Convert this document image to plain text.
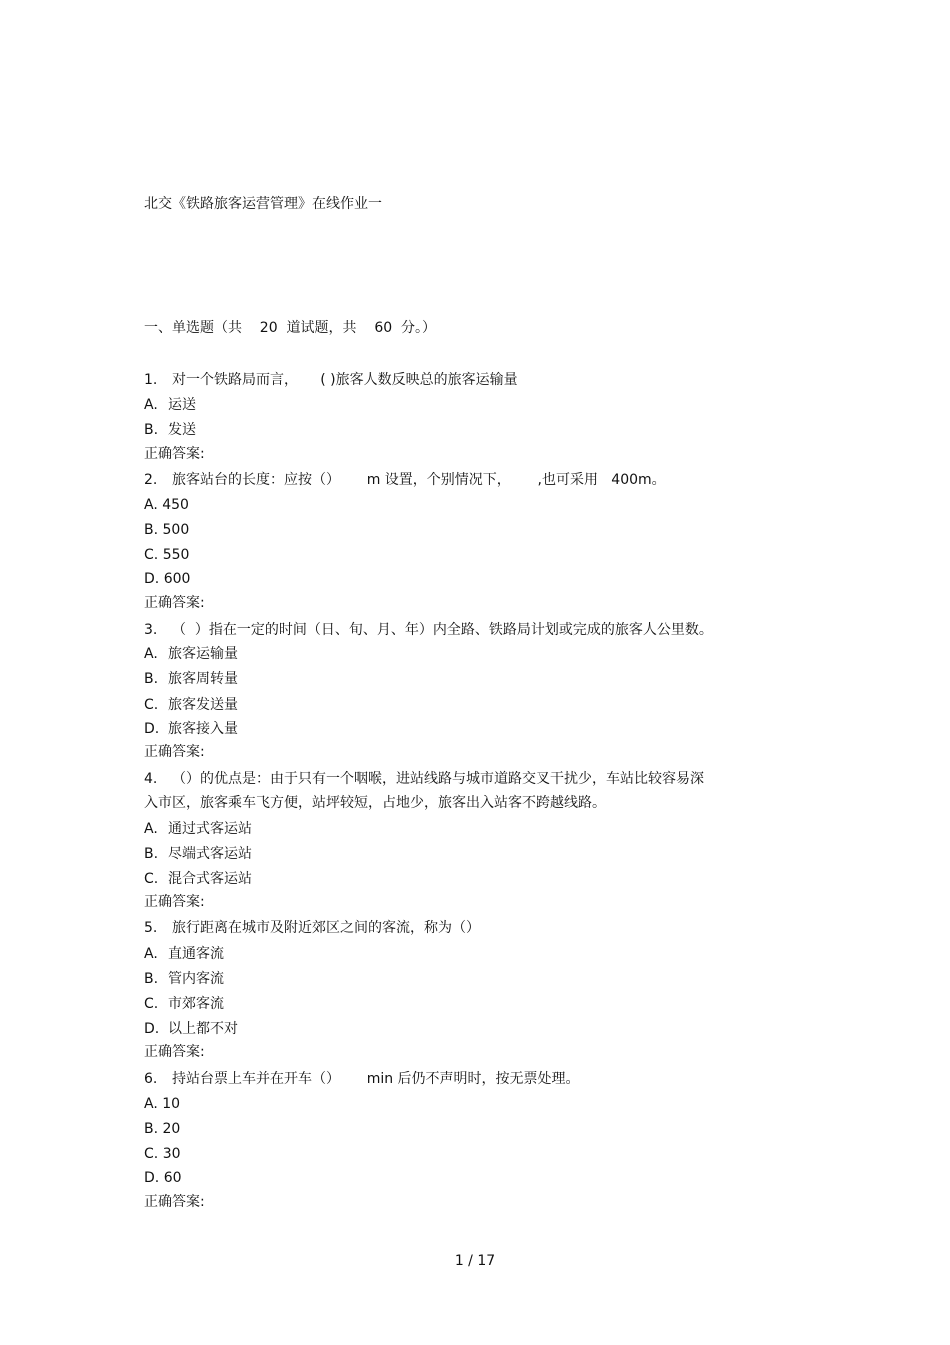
北交《铁路旅客运营管理》在线作业一
一、单选题（共    20  道试题，共    60  分。）
1. 对一个铁路局而言，     ( )旅客人数反映总的旅客运输量
A. 运送
B. 发送
正确答案:
2. 旅客站台的长度：应按（）      m 设置，个别情况下，      ,也可采用   400m。
A. 450
B. 500
C. 550
D. 600
正确答案:
3. （  ）指在一定的时间（日、旬、月、年）内全路、铁路局计划或完成的旅客人公里数。
A. 旅客运输量
B. 旅客周转量
C. 旅客发送量
D. 旅客接入量
正确答案:
4. （）的优点是：由于只有一个咽喉，进站线路与城市道路交叉干扰少，车站比较容易深
入市区，旅客乘车飞方便，站坪较短，占地少，旅客出入站客不跨越线路。
A. 通过式客运站
B. 尽端式客运站
C. 混合式客运站
正确答案:
5. 旅行距离在城市及附近郊区之间的客流，称为（）
A. 直通客流
B. 管内客流
C. 市郊客流
D. 以上都不对
正确答案:
6. 持站台票上车并在开车（）      min 后仍不声明时，按无票处理。
A. 10
B. 20
C. 30
D. 60
正确答案:
1 / 17
